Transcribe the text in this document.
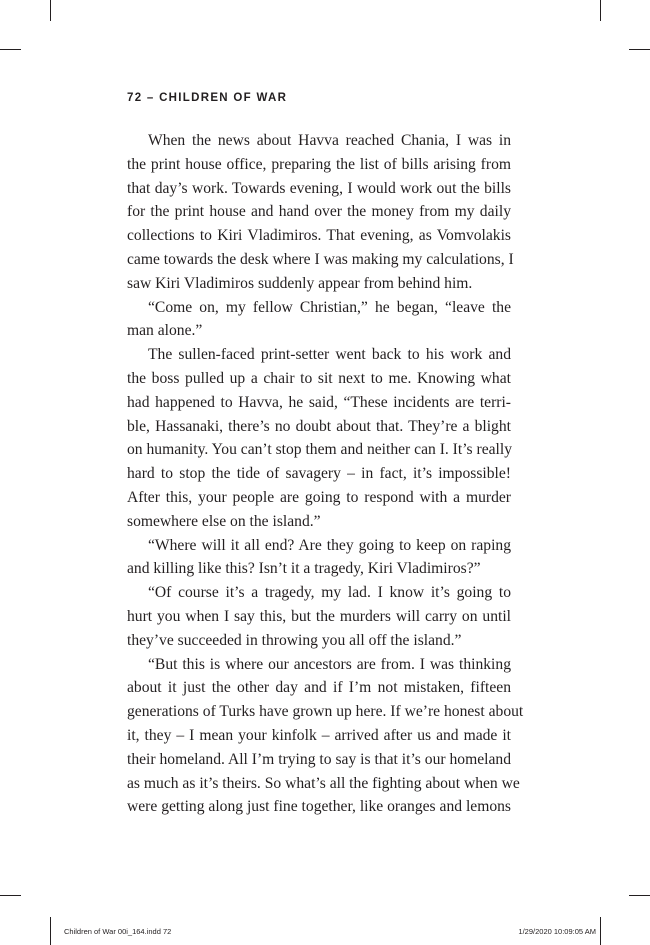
72 – CHILDREN OF WAR

When the news about Havva reached Chania, I was in
the print house office, preparing the list of bills arising from
that day’s work. Towards evening, I would work out the bills
for the print house and hand over the money from my daily
collections to Kiri Vladimiros. That evening, as Vomvolakis
came towards the desk where I was making my calculations, I
saw Kiri Vladimiros suddenly appear from behind him.

“Come on, my fellow Christian,” he began, “leave the
man alone.”

The sullen-faced print-setter went back to his work and
the boss pulled up a chair to sit next to me. Knowing what
had happened to Havva, he said, “These incidents are terri-
ble, Hassanaki, there’s no doubt about that. They’re a blight
on humanity. You can’t stop them and neither can I. It’s really
hard to stop the tide of savagery – in fact, it’s impossible!
After this, your people are going to respond with a murder
somewhere else on the island.”

“Where will it all end? Are they going to keep on raping
and killing like this? Isn’t it a tragedy, Kiri Vladimiros?”

“Of course it’s a tragedy, my lad. I know it’s going to
hurt you when I say this, but the murders will carry on until
they’ve succeeded in throwing you all off the island.”

“But this is where our ancestors are from. I was thinking
about it just the other day and if I’m not mistaken, fifteen
generations of Turks have grown up here. If we’re honest about
it, they – I mean your kinfolk – arrived after us and made it
their homeland. All I’m trying to say is that it’s our homeland
as much as it’s theirs. So what’s all the fighting about when we
were getting along just fine together, like oranges and lemons

Children of War 00i_164.indd 72	1/29/2020 10:09:05 AM
